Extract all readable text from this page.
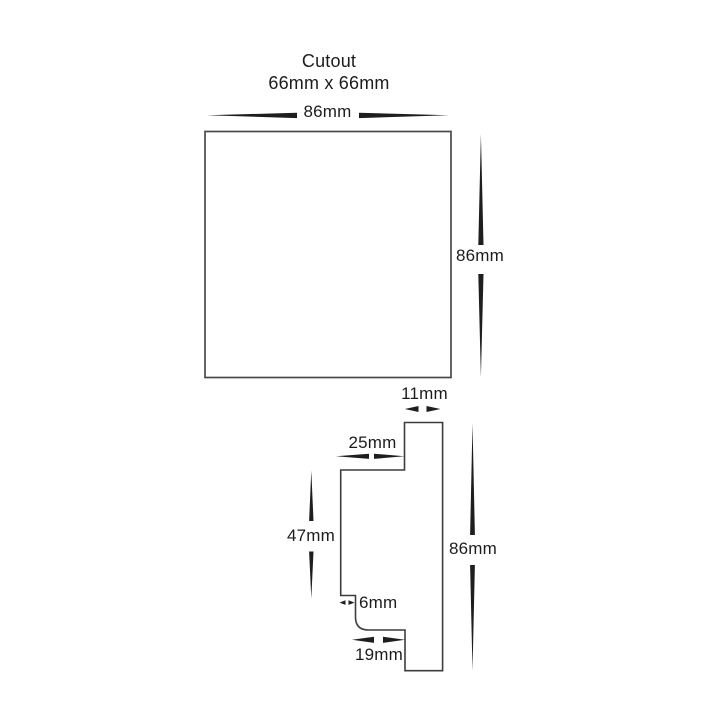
Cutout
66mm x 66mm
86mm
86mm
11mm
25mm
47mm
86mm
6mm
19mm
